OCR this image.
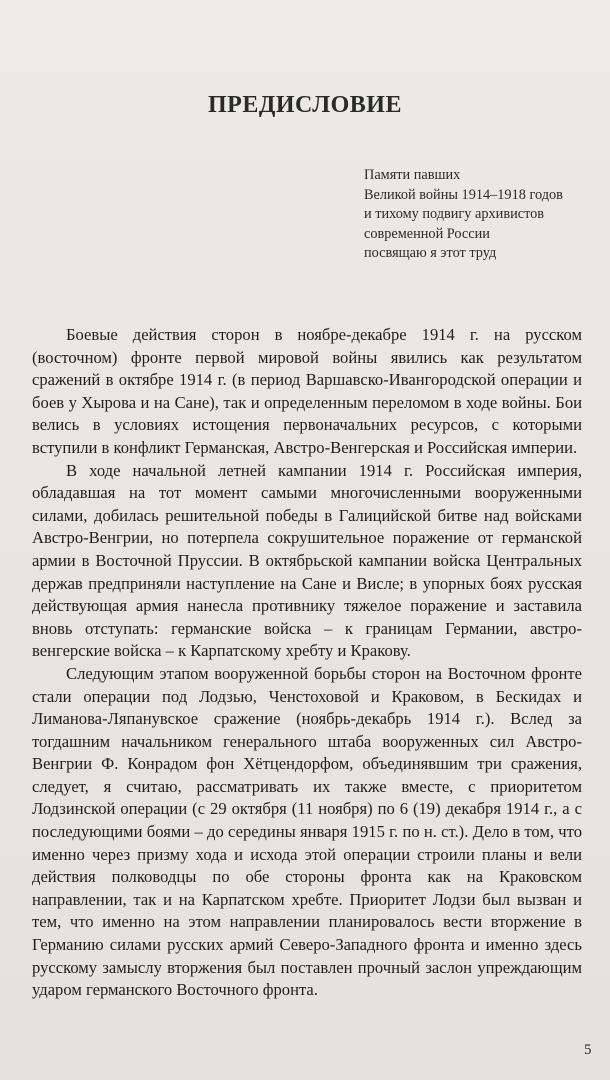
ПРЕДИСЛОВИЕ
Памяти павших
Великой войны 1914–1918 годов
и тихому подвигу архивистов
современной России
посвящаю я этот труд

Боевые действия сторон в ноябре-декабре 1914 г. на русском (восточном) фронте первой мировой войны явились как результатом сражений в октябре 1914 г. (в период Варшавско-Ивангородской операции и боев у Хырова и на Сане), так и определенным переломом в ходе войны. Бои велись в условиях истощения первоначальних ресурсов, с которыми вступили в конфликт Германская, Австро-Венгерская и Российская империи.

В ходе начальной летней кампании 1914 г. Российская империя, обладавшая на тот момент самыми многочисленными вооруженными силами, добилась решительной победы в Галицийской битве над войсками Австро-Венгрии, но потерпела сокрушительное поражение от германской армии в Восточной Пруссии. В октябрьской кампании войска Центральных держав предприняли наступление на Сане и Висле; в упорных боях русская действующая армия нанесла противнику тяжелое поражение и заставила вновь отступать: германские войска – к границам Германии, австро-венгерские войска – к Карпатскому хребту и Кракову.

Следующим этапом вооруженной борьбы сторон на Восточном фронте стали операции под Лодзью, Ченстоховой и Краковом, в Бескидах и Лиманова-Ляпанувское сражение (ноябрь-декабрь 1914 г.). Вслед за тогдашним начальником генерального штаба вооруженных сил Австро-Венгрии Ф. Конрадом фон Хётцендорфом, объединявшим три сражения, следует, я считаю, рассматривать их также вместе, с приоритетом Лодзинской операции (с 29 октября (11 ноября) по 6 (19) декабря 1914 г., а с последующими боями – до середины января 1915 г. по н. ст.). Дело в том, что именно через призму хода и исхода этой операции строили планы и вели действия полководцы по обе стороны фронта как на Краковском направлении, так и на Карпатском хребте. Приоритет Лодзи был вызван и тем, что именно на этом направлении планировалось вести вторжение в Германию силами русских армий Северо-Западного фронта и именно здесь русскому замыслу вторжения был поставлен прочный заслон упреждающим ударом германского Восточного фронта.

5
